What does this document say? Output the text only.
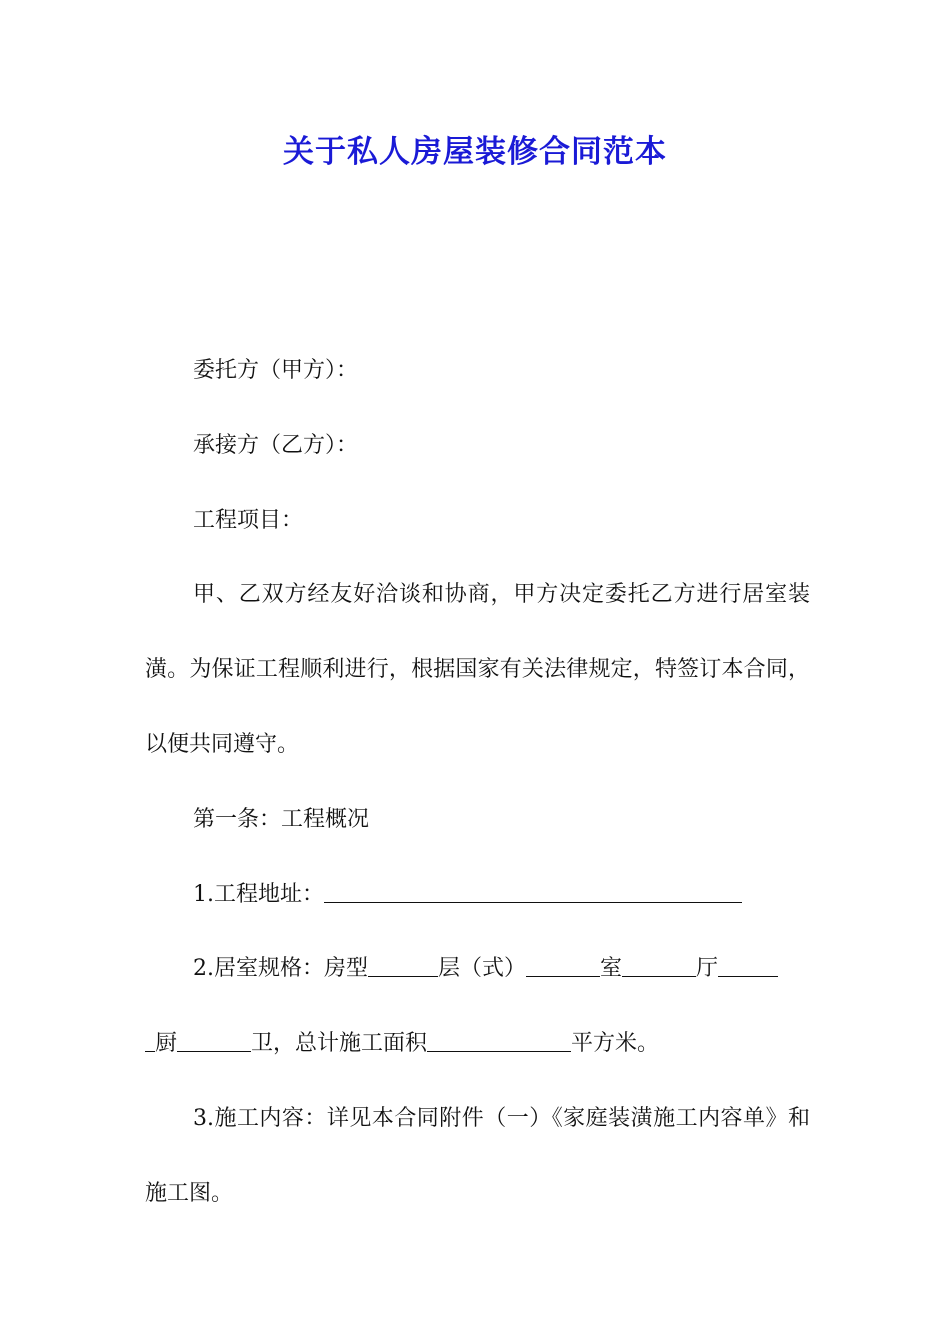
关于私人房屋装修合同范本

委托方（甲方）：

承接方（乙方）：

工程项目：

甲、乙双方经友好洽谈和协商，甲方决定委托乙方进行居室装潢。为保证工程顺利进行，根据国家有关法律规定，特签订本合同，以便共同遵守。

第一条：工程概况

1.工程地址：

2.居室规格：房型	层（式）	室	厅

厨	卫，总计施工面积	平方米。

3.施工内容：详见本合同附件（一）《家庭装潢施工内容单》和施工图。
